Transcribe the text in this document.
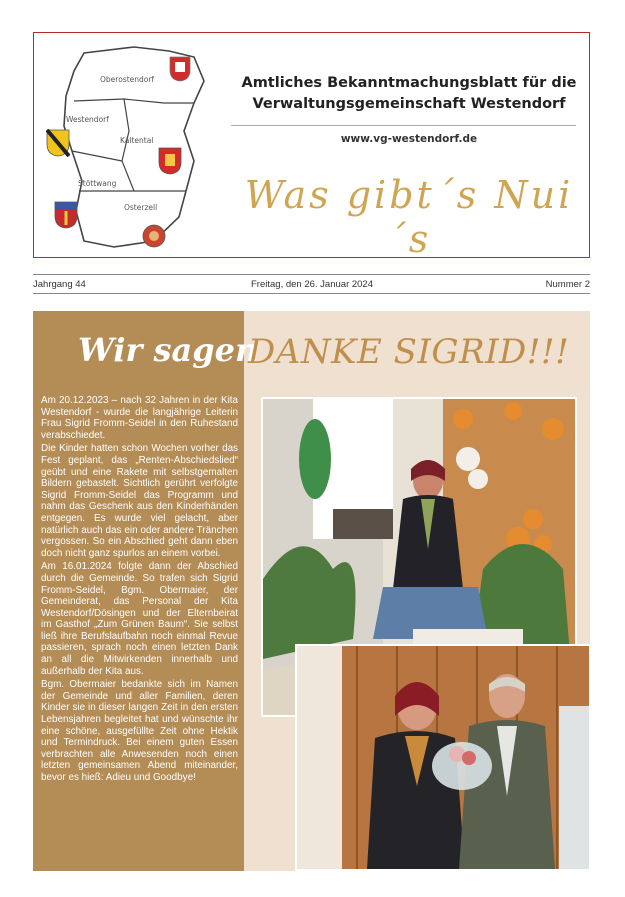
Oberostendorf
Westendorf
Kaltental
Stöttwang
Osterzell
Amtliches Bekanntmachungsblatt für die
Verwaltungsgemeinschaft Westendorf
www.vg-westendorf.de
Was gibt´s Nui´s
Jahrgang 44	Freitag, den 26. Januar 2024	Nummer 2
Wir sagen
DANKE SIGRID!!!

Am 20.12.2023 – nach 32 Jahren in der Kita Westendorf - wurde die langjährige Leiterin Frau Sigrid Fromm-Seidel in den Ruhestand verabschiedet.

Die Kinder hatten schon Wochen vorher das Fest geplant, das „Renten-Abschiedslied“ geübt und eine Rakete mit selbstgemalten Bildern gebastelt. Sichtlich gerührt verfolgte Sigrid Fromm-Seidel das Programm und nahm das Geschenk aus den Kinderhänden entgegen. Es wurde viel gelacht, aber natürlich auch das ein oder andere Tränchen vergossen. So ein Abschied geht dann eben doch nicht ganz spurlos an einem vorbei.

Am 16.01.2024 folgte dann der Abschied durch die Gemeinde. So trafen sich Sigrid Fromm-Seidel, Bgm. Obermaier, der Gemeinderat, das Personal der Kita Westendorf/Dösingen und der Elternbeirat im Gasthof „Zum Grünen Baum“. Sie selbst ließ ihre Berufslaufbahn noch einmal Revue passieren, sprach noch einen letzten Dank an all die Mitwirkenden innerhalb und außerhalb der Kita aus.

Bgm. Obermaier bedankte sich im Namen der Gemeinde und aller Familien, deren Kinder sie in dieser langen Zeit in den ersten Lebensjahren begleitet hat und wünschte ihr eine schöne, ausgefüllte Zeit ohne Hektik und Termindruck. Bei einem guten Essen verbrachten alle Anwesenden noch einen letzten gemeinsamen Abend miteinander, bevor es hieß: Adieu und Goodbye!
